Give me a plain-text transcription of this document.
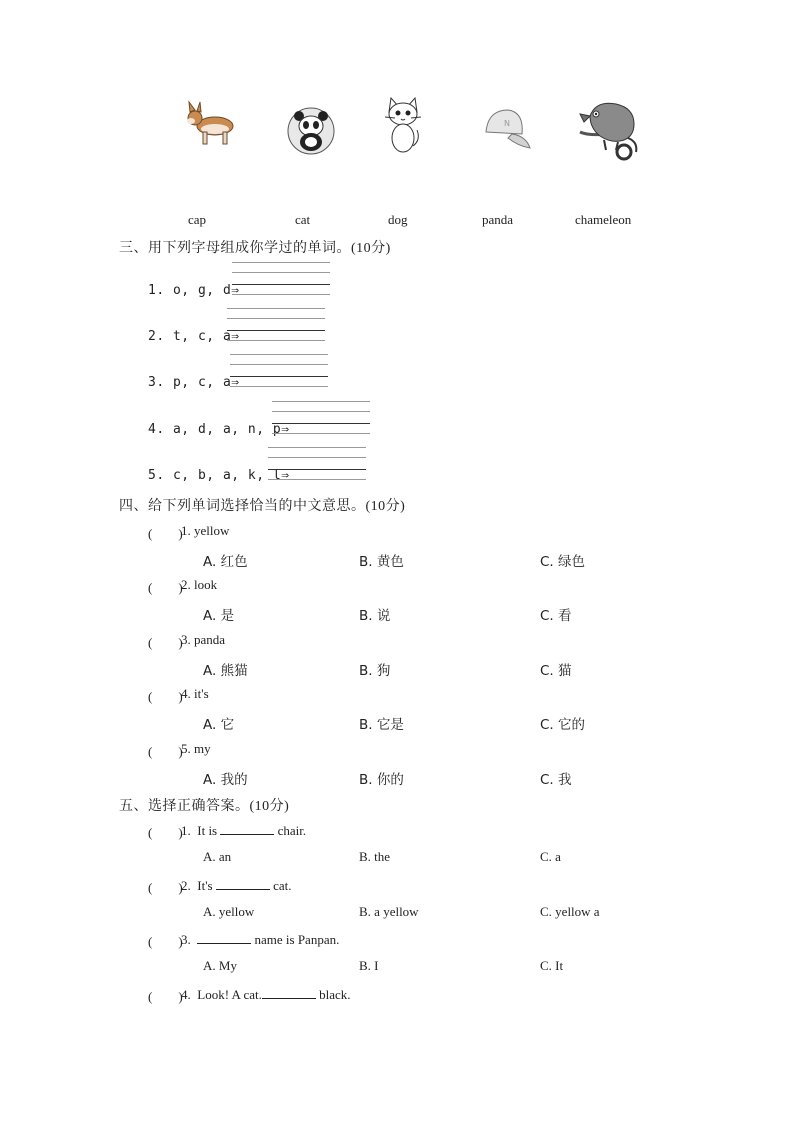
N
cap	cat	dog	panda	chameleon
三、用下列字母组成你学过的单词。(10分)
1. o, g, d⇒
2. t, c, a⇒
3. p, c, a⇒
4. a, d, a, n, p⇒
5. c, b, a, k, l⇒
四、给下列单词选择恰当的中文意思。(10分)
(　　)
1. yellow
A. 红色	B. 黄色	C. 绿色
(　　)
2. look
A. 是	B. 说	C. 看
(　　)
3. panda
A. 熊猫	B. 狗	C. 猫
(　　)
4. it's
A. 它	B. 它是	C. 它的
(　　)
5. my
A. 我的	B. 你的	C. 我
五、选择正确答案。(10分)
(　　)
1.  It is	chair.
A. an	B. the	C. a
(　　)
2.  It's	cat.
A. yellow	B. a yellow	C. yellow a
(　　)
3.	name is Panpan.
A. My	B. I	C. It
(　　)
4.  Look! A cat.	black.
